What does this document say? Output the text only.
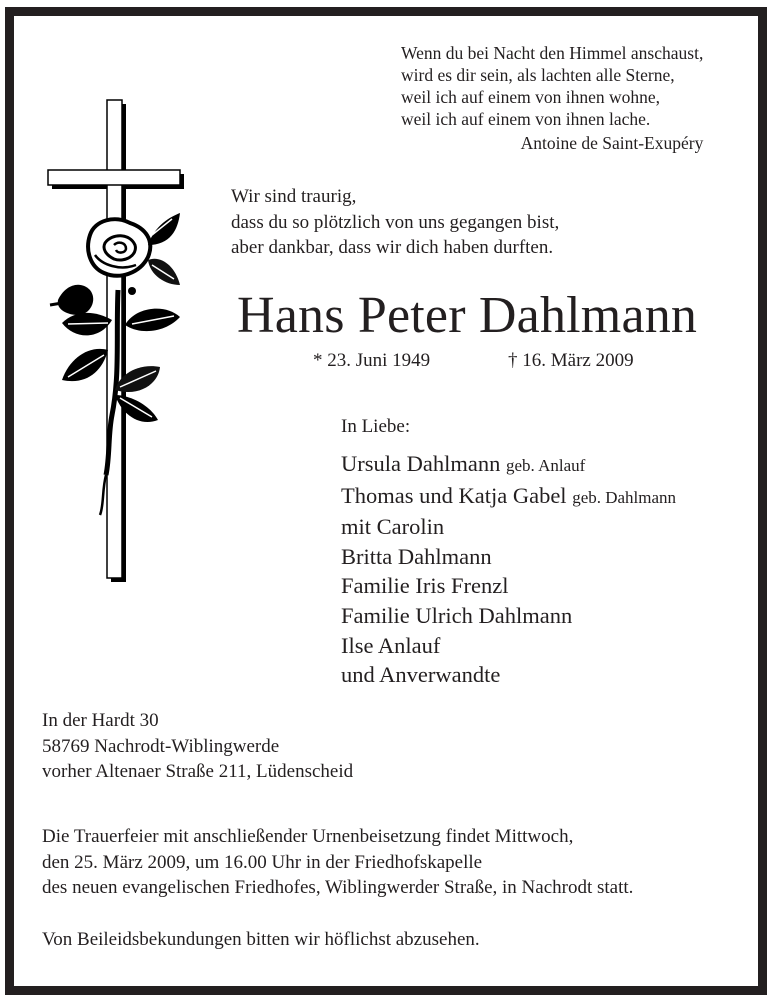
Wenn du bei Nacht den Himmel anschaust,
wird es dir sein, als lachten alle Sterne,
weil ich auf einem von ihnen wohne,
weil ich auf einem von ihnen lache.
Antoine de Saint-Exupéry
Wir sind traurig,
dass du so plötzlich von uns gegangen bist,
aber dankbar, dass wir dich haben durften.
Hans Peter Dahlmann
* 23. Juni 1949	† 16. März 2009
In Liebe:
Ursula Dahlmann geb. Anlauf
Thomas und Katja Gabel geb. Dahlmann
mit Carolin
Britta Dahlmann
Familie Iris Frenzl
Familie Ulrich Dahlmann
Ilse Anlauf
und Anverwandte
In der Hardt 30
58769 Nachrodt-Wiblingwerde
vorher Altenaer Straße 211, Lüdenscheid
Die Trauerfeier mit anschließender Urnenbeisetzung findet Mittwoch,
den 25. März 2009, um 16.00 Uhr in der Friedhofskapelle
des neuen evangelischen Friedhofes, Wiblingwerder Straße, in Nachrodt statt.
Von Beileidsbekundungen bitten wir höflichst abzusehen.
